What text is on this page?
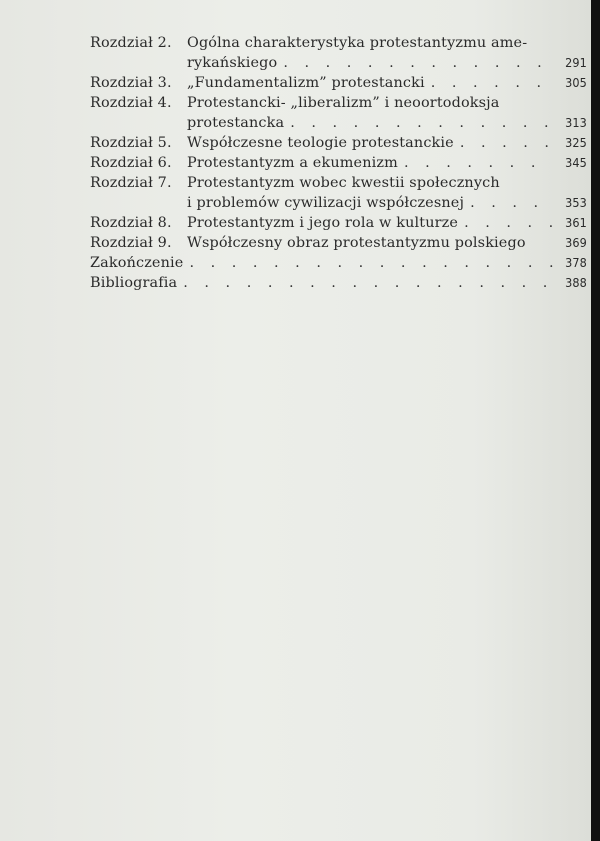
Rozdział 2.	Ogólna charakterystyka protestantyzmu ame-
rykańskiego . . .	291
Rozdział 3.	„Fundamentalizm” protestancki . . .	305
Rozdział 4.	Protestancki- „liberalizm” i neoortodoksja
protestancka . . .	313
Rozdział 5.	Współczesne teologie protestanckie . . .	325
Rozdział 6.	Protestantyzm a ekumenizm . . .	345
Rozdział 7.	Protestantyzm wobec kwestii społecznych
i problemów cywilizacji współczesnej . . .	353
Rozdział 8.	Protestantyzm i jego rola w kulturze . . .	361
Rozdział 9.	Współczesny obraz protestantyzmu polskiego	369
Zakończenie . . .	378
Bibliografia . . .	388
